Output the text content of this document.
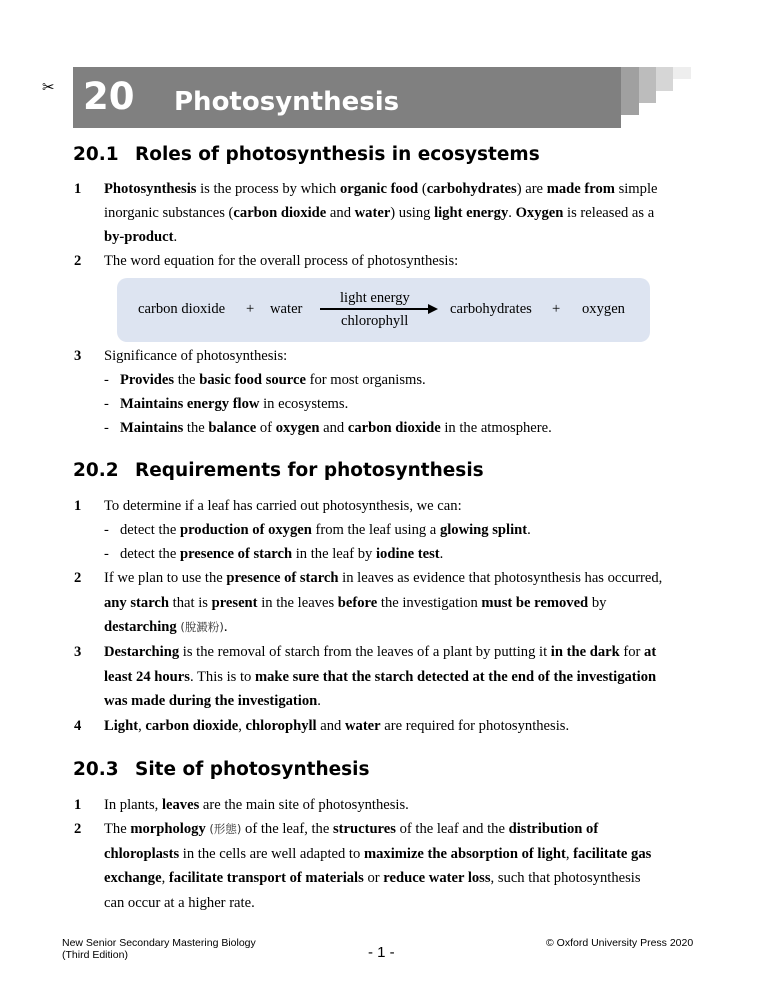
✂ 20 Photosynthesis
20.1 Roles of photosynthesis in ecosystems
1 Photosynthesis is the process by which organic food (carbohydrates) are made from simple
inorganic substances (carbon dioxide and water) using light energy. Oxygen is released as a
by-product.
2 The word equation for the overall process of photosynthesis:
carbon dioxide + water
light energy
chlorophyll
carbohydrates + oxygen
3 Significance of photosynthesis:
- Provides the basic food source for most organisms.
- Maintains energy flow in ecosystems.
- Maintains the balance of oxygen and carbon dioxide in the atmosphere.
20.2 Requirements for photosynthesis
1 To determine if a leaf has carried out photosynthesis, we can:
- detect the production of oxygen from the leaf using a glowing splint.
- detect the presence of starch in the leaf by iodine test.
2 If we plan to use the presence of starch in leaves as evidence that photosynthesis has occurred,
any starch that is present in the leaves before the investigation must be removed by
destarching (脫澱粉).
3 Destarching is the removal of starch from the leaves of a plant by putting it in the dark for at
least 24 hours. This is to make sure that the starch detected at the end of the investigation
was made during the investigation.
4 Light, carbon dioxide, chlorophyll and water are required for photosynthesis.
20.3 Site of photosynthesis
1 In plants, leaves are the main site of photosynthesis.
2 The morphology (形態) of the leaf, the structures of the leaf and the distribution of
chloroplasts in the cells are well adapted to maximize the absorption of light, facilitate gas
exchange, facilitate transport of materials or reduce water loss, such that photosynthesis
can occur at a higher rate.
New Senior Secondary Mastering Biology
(Third Edition)	- 1 -
© Oxford University Press 2020
